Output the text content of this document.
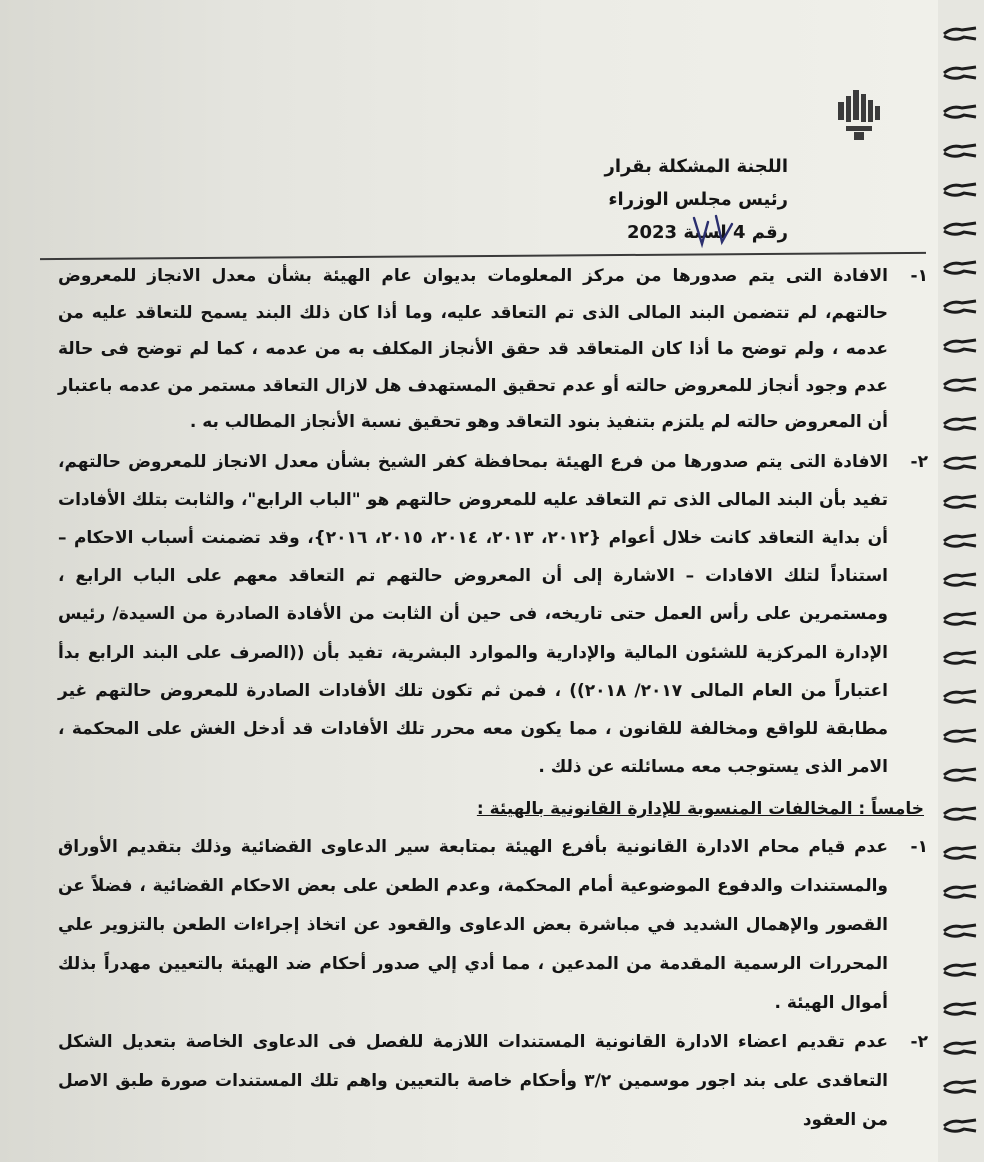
اللجنة المشكلة بقرار
رئيس مجلس الوزراء
رقم 4 لسنة 2023
١-
الافادة التى يتم صدورها من مركز المعلومات بديوان عام الهيئة بشأن معدل الانجاز للمعروض حالتهم، لم تتضمن البند المالى الذى تم التعاقد عليه، وما أذا كان ذلك البند يسمح للتعاقد عليه من عدمه ، ولم توضح ما أذا كان المتعاقد قد حقق الأنجاز المكلف به من عدمه ، كما لم توضح فى حالة عدم وجود أنجاز للمعروض حالته أو عدم تحقيق المستهدف هل لازال التعاقد مستمر من عدمه باعتبار أن المعروض حالته لم يلتزم بتنفيذ بنود التعاقد وهو تحقيق نسبة الأنجاز المطالب به .
٢-
الافادة التى يتم صدورها من فرع الهيئة بمحافظة كفر الشيخ بشأن معدل الانجاز للمعروض حالتهم، تفيد بأن البند المالى الذى تم التعاقد عليه للمعروض حالتهم هو "الباب الرابع"، والثابت بتلك الأفادات أن بداية التعاقد كانت خلال أعوام {٢٠١٢، ٢٠١٣، ٢٠١٤، ٢٠١٥، ٢٠١٦}، وقد تضمنت أسباب الاحكام – استناداً لتلك الافادات – الاشارة إلى أن المعروض حالتهم تم التعاقد معهم على الباب الرابع ، ومستمرين على رأس العمل حتى تاريخه، فى حين أن الثابت من الأفادة الصادرة من السيدة/ رئيس الإدارة المركزية للشئون المالية والإدارية والموارد البشرية، تفيد بأن ((الصرف على البند الرابع بدأ اعتباراً من العام المالى ٢٠١٧/ ٢٠١٨)) ، فمن ثم تكون تلك الأفادات الصادرة للمعروض حالتهم غير مطابقة للواقع ومخالفة للقانون ، مما يكون معه محرر تلك الأفادات قد أدخل الغش على المحكمة ، الامر الذى يستوجب معه مسائلته عن ذلك .
خامساً : المخالفات المنسوبة للإدارة القانونية بالهيئة :
١-
عدم قيام محام الادارة القانونية بأفرع الهيئة بمتابعة سير الدعاوى القضائية وذلك بتقديم الأوراق والمستندات والدفوع الموضوعية أمام المحكمة، وعدم الطعن على بعض الاحكام القضائية ، فضلاً عن القصور والإهمال الشديد في مباشرة بعض الدعاوى والقعود عن اتخاذ إجراءات الطعن بالتزوير علي المحررات الرسمية المقدمة من المدعين ، مما أدي إلي صدور أحكام ضد الهيئة بالتعيين مهدراً بذلك أموال الهيئة .
٢-
عدم تقديم اعضاء الادارة القانونية المستندات اللازمة للفصل فى الدعاوى الخاصة بتعديل الشكل التعاقدى على بند اجور موسمين ٣/٢ وأحكام خاصة بالتعيين واهم تلك المستندات صورة طبق الاصل من العقود
